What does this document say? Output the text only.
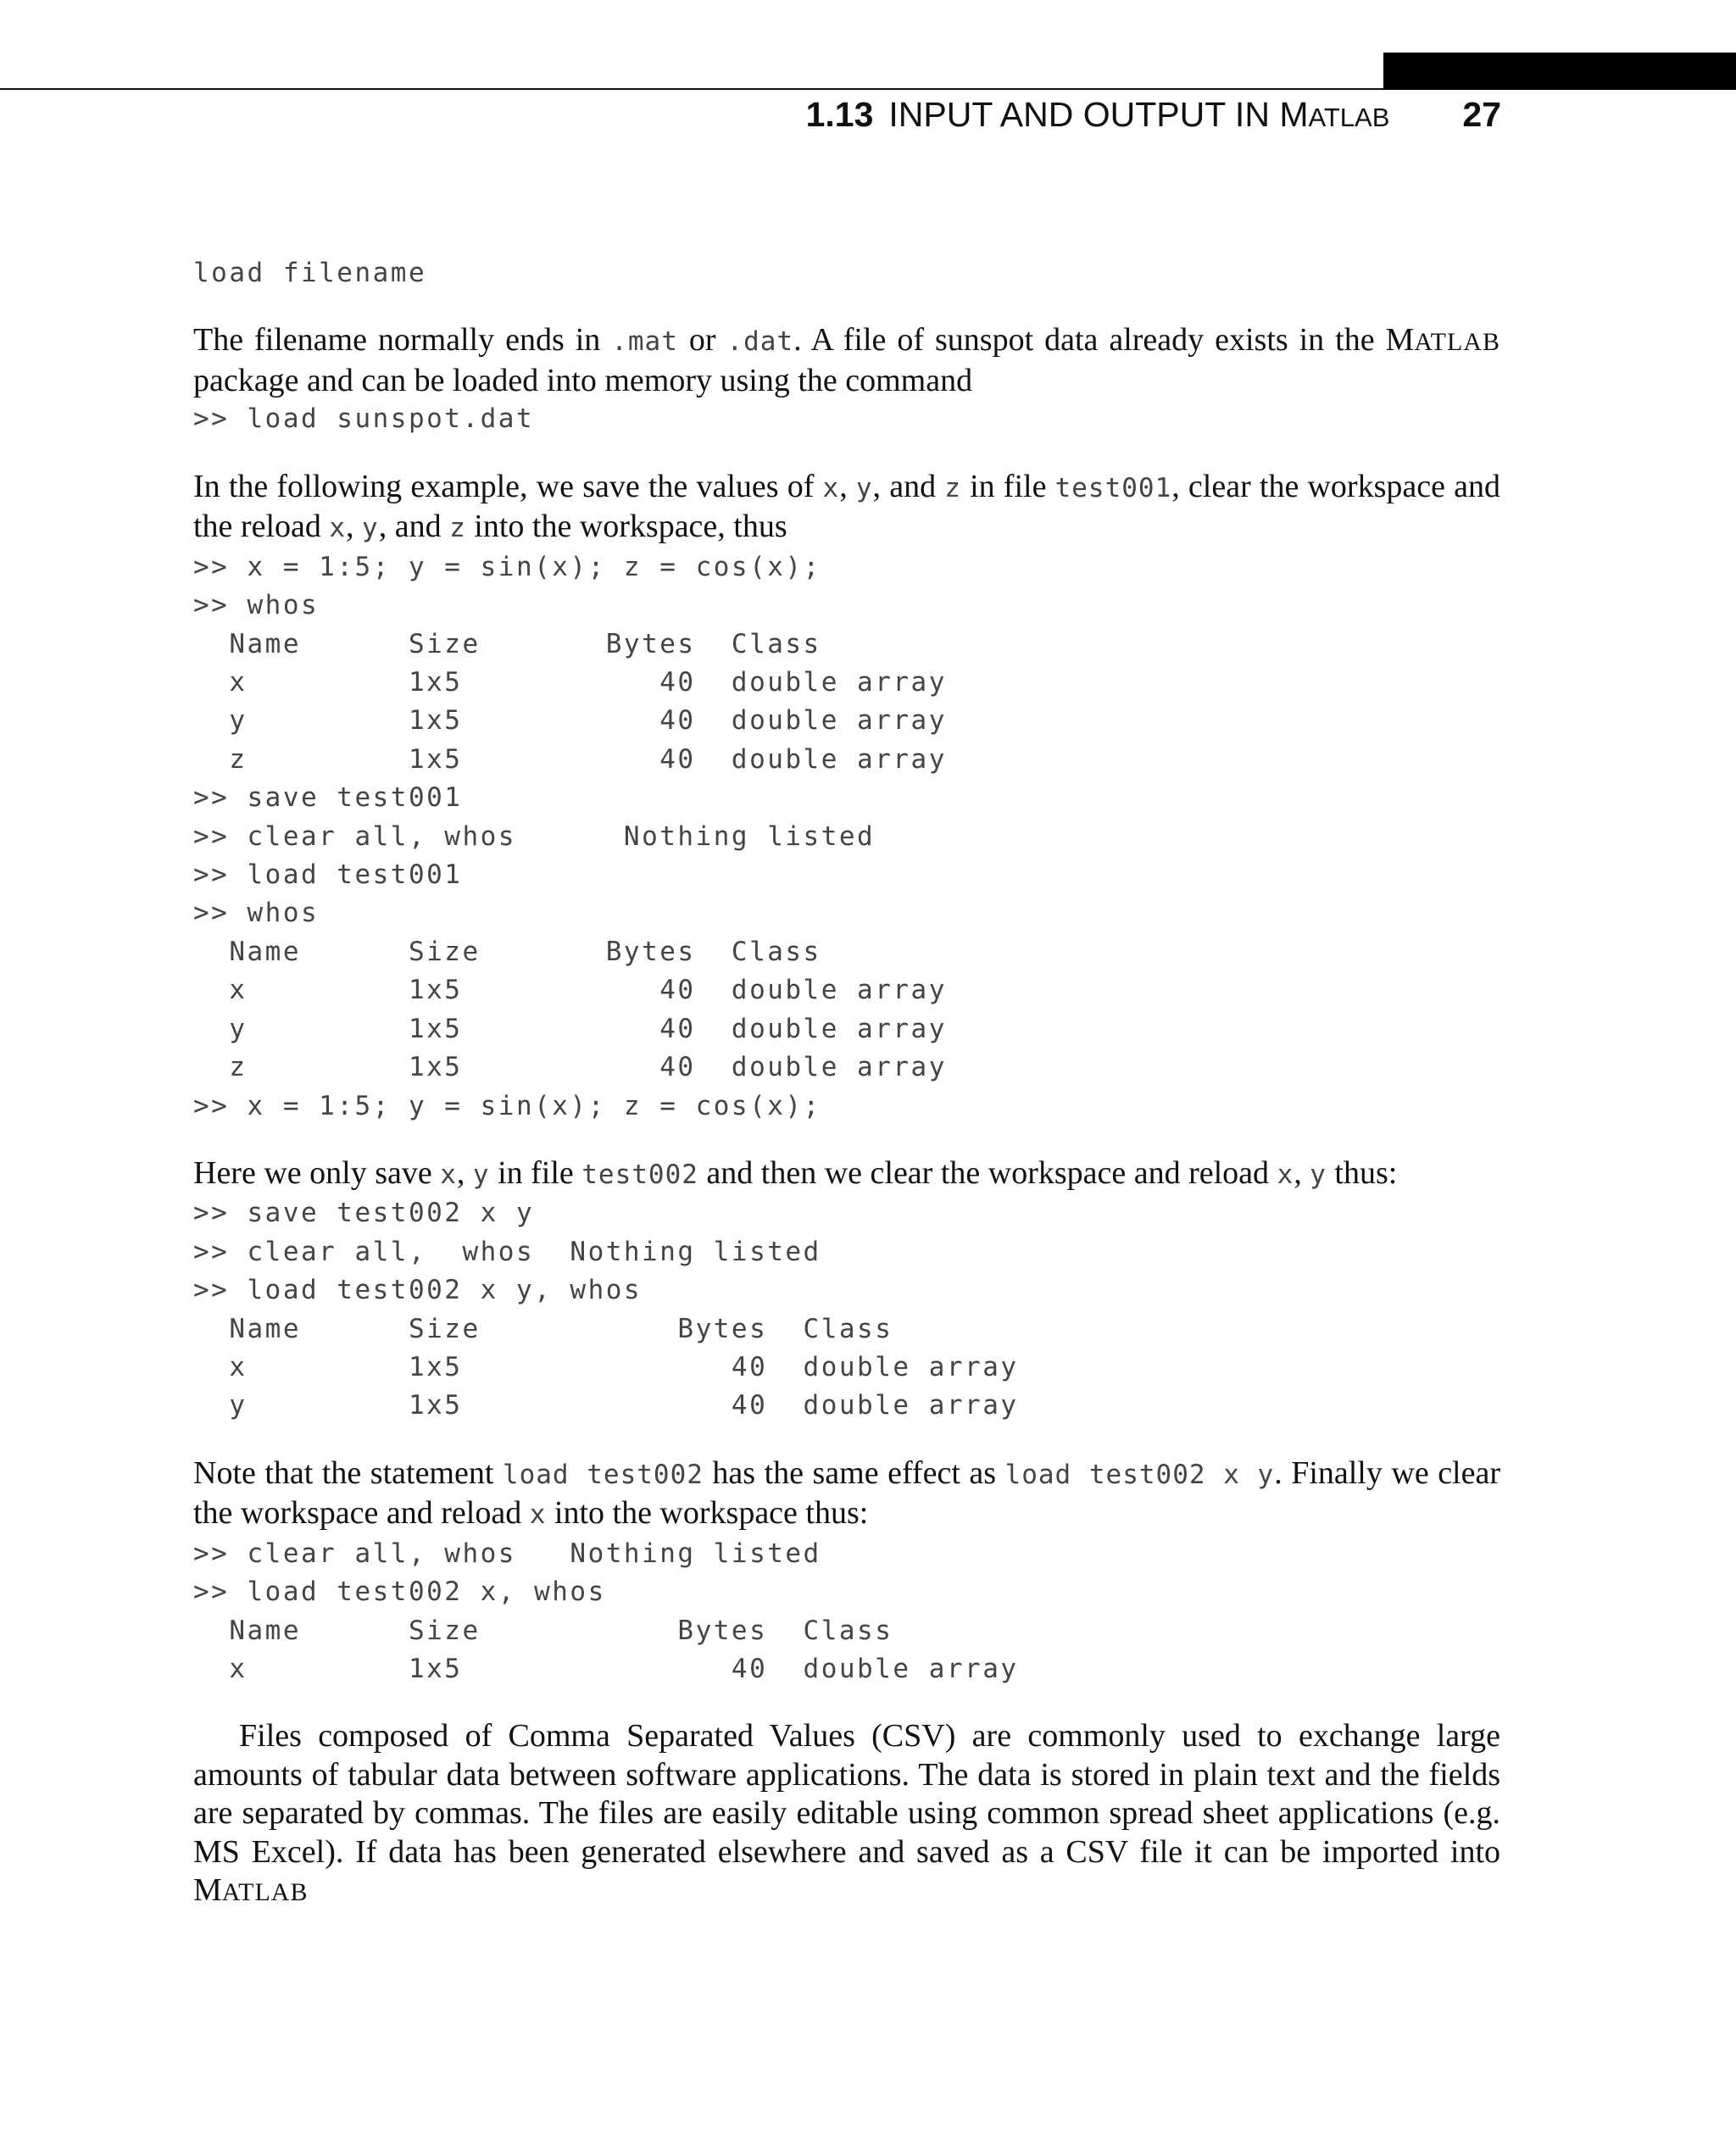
1.13 INPUT AND OUTPUT IN MATLAB 27
load filename

The filename normally ends in .mat or .dat. A file of sunspot data already exists in the MATLAB package and can be loaded into memory using the command

>> load sunspot.dat

In the following example, we save the values of x, y, and z in file test001, clear the workspace and the reload x, y, and z into the workspace, thus

>> x = 1:5; y = sin(x); z = cos(x);
>> whos
Name      Size       Bytes  Class
x         1x5           40  double array
y         1x5           40  double array
z         1x5           40  double array
>> save test001
>> clear all, whos      Nothing listed
>> load test001
>> whos
Name      Size       Bytes  Class
x         1x5           40  double array
y         1x5           40  double array
z         1x5           40  double array
>> x = 1:5; y = sin(x); z = cos(x);

Here we only save x, y in file test002 and then we clear the workspace and reload x, y thus:

>> save test002 x y
>> clear all,  whos  Nothing listed
>> load test002 x y, whos
Name      Size           Bytes  Class
x         1x5               40  double array
y         1x5               40  double array

Note that the statement load test002 has the same effect as load test002 x y. Finally we clear the workspace and reload x into the workspace thus:

>> clear all, whos   Nothing listed
>> load test002 x, whos
Name      Size           Bytes  Class
x         1x5               40  double array

Files composed of Comma Separated Values (CSV) are commonly used to exchange large amounts of tabular data between software applications. The data is stored in plain text and the fields are separated by commas. The files are easily editable using common spread sheet applications (e.g. MS Excel). If data has been generated elsewhere and saved as a CSV file it can be imported into MATLAB
